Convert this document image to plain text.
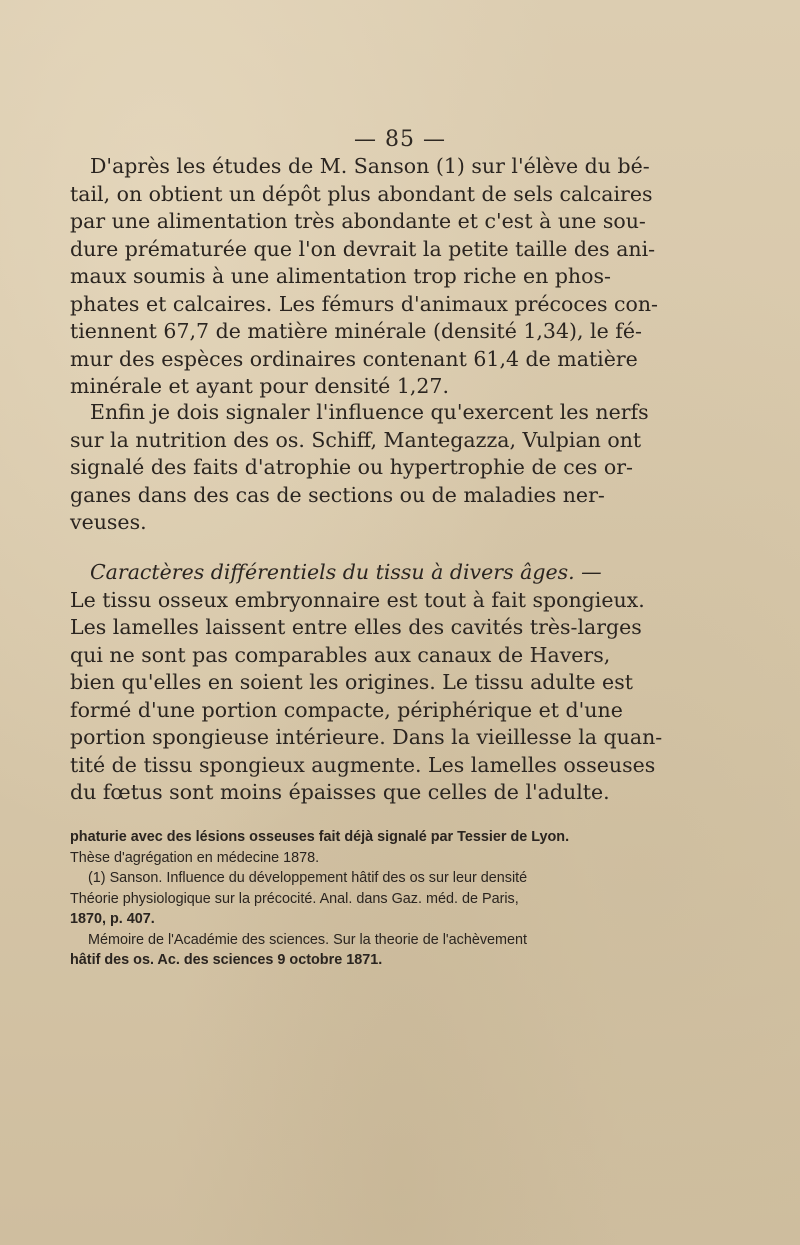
— 85 —
D'après les études de M. Sanson (1) sur l'élève du bé-
tail, on obtient un dépôt plus abondant de sels calcaires
par une alimentation très abondante et c'est à une sou-
dure prématurée que l'on devrait la petite taille des ani-
maux soumis à une alimentation trop riche en phos-
phates et calcaires. Les fémurs d'animaux précoces con-
tiennent 67,7 de matière minérale (densité 1,34), le fé-
mur des espèces ordinaires contenant 61,4 de matière
minérale et ayant pour densité 1,27.
Enfin je dois signaler l'influence qu'exercent les nerfs
sur la nutrition des os. Schiff, Mantegazza, Vulpian ont
signalé des faits d'atrophie ou hypertrophie de ces or-
ganes dans des cas de sections ou de maladies ner-
veuses.
Caractères différentiels du tissu à divers âges. —
Le tissu osseux embryonnaire est tout à fait spongieux.
Les lamelles laissent entre elles des cavités très-larges
qui ne sont pas comparables aux canaux de Havers,
bien qu'elles en soient les origines. Le tissu adulte est
formé d'une portion compacte, périphérique et d'une
portion spongieuse intérieure. Dans la vieillesse la quan-
tité de tissu spongieux augmente. Les lamelles osseuses
du fœtus sont moins épaisses que celles de l'adulte.
phaturie avec des lésions osseuses fait déjà signalé par Tessier de Lyon.
Thèse d'agrégation en médecine 1878.
(1) Sanson. Influence du développement hâtif des os sur leur densité
Théorie physiologique sur la précocité. Anal. dans Gaz. méd. de Paris,
1870, p. 407.
Mémoire de l'Académie des sciences. Sur la theorie de l'achèvement
hâtif des os. Ac. des sciences 9 octobre 1871.
